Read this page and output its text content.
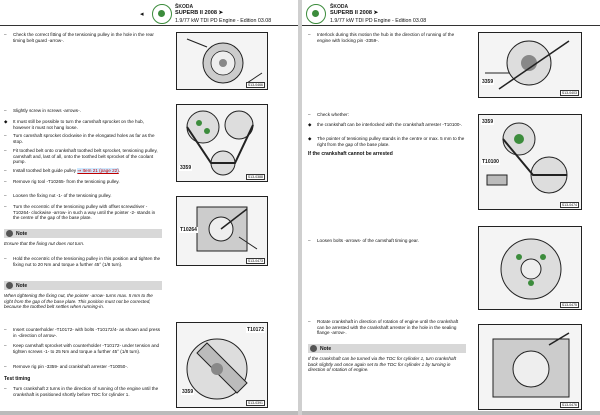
◂
ŠKODA
SUPERB II 2008 ➤
1.9/77 kW TDI PD Engine - Edition 03.08
– Check the correct fitting of the tensioning pulley in the hole in the rear timing belt guard -arrow-.
– Slightly screw in screws -arrows-.
◆ It must still be possible to turn the camshaft sprocket on the hub, however it must not hang loose.
– Turn camshaft sprocket clockwise in the elongated holes as far as the stop.
– Fit toothed belt onto crankshaft toothed belt sprocket, tensioning pulley, camshaft and, last of all, onto the toothed belt sprocket of the coolant pump.
– Install toothed belt guide pulley ⇒ Item 21 (page 22).
– Remove rig tool -T10265- from the tensioning pulley.
– Loosen the fixing nut -1- of the tensioning pulley.
– Turn the eccentric of the tensioning pulley with offset screwdriver -T10264- clockwise -arrow- in such a way until the pointer -2- stands in the centre of the gap of the base plate.
Note
Ensure that the fixing nut does not turn.
– Hold the eccentric of the tensioning pulley in this position and tighten the fixing nut to 20 Nm and torque a further 45° (1/8 turn).
Note
When tightening the fixing nut, the pointer -arrow- turns max. 5 mm to the right from the gap of the base plate. This position must not be corrected, because the toothed belt settles when running-in.
– Insert counterholder -T10172- with bolts -T10172/4- as shown and press in -direction of arrow-.
– Keep camshaft sprocket with counterholder -T10172- under tension and tighten screws -1- to 25 Nm and torque a further 45° (1/8 turn).
– Remove rig pin -3359- and crankshaft arrester -T10050-.
Test timing
– Turn crankshaft 2 turns in the direction of running of the engine until the crankshaft is positioned shortly before TDC for cylinder 1.
S13-0466
3359
S13-0388
T10264
S13-0473
T10172
3359
S13-0391
ŠKODA
SUPERB II 2008 ➤
1.9/77 kW TDI PD Engine - Edition 03.08
– Interlock during this motion the hub in the direction of running of the engine with locking pin -3359-.
– Check whether:
◆ the crankshaft can be interlocked with the crankshaft arrester -T10100-.
◆ The pointer of tensioning pulley stands in the centre or max. 5 mm to the right from the gap of the base plate.
If the crankshaft cannot be arrested
– Loosen bolts -arrows- of the camshaft timing gear.
– Rotate crankshaft in direction of rotation of engine until the crankshaft can be arrested with the crankshaft arrester in the hole in the sealing flange -arrow-.
Note
If the crankshaft can be turned via the TDC for cylinder 1, turn crankshaft back slightly and once again set to the TDC for cylinder 1 by turning in direction of rotation of engine.
3359
S13-0403
3359
T10100
S13-0474
S13-0475
S13-0476
